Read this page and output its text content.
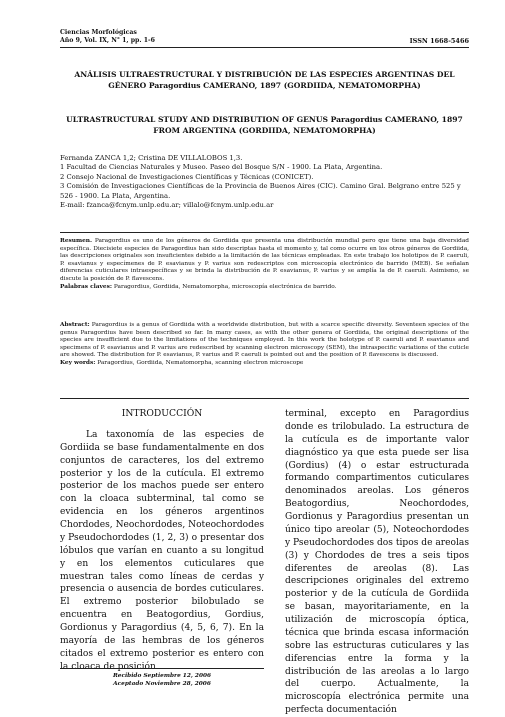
Ciencias Morfológicas
Año 9, Vol. IX, N° 1, pp. 1-6	ISSN 1668-5466
ANÁLISIS ULTRAESTRUCTURAL Y DISTRIBUCIÓN DE LAS ESPECIES ARGENTINAS DEL GÉNERO Paragordius CAMERANO, 1897 (GORDIIDA, NEMATOMORPHA)
ULTRASTRUCTURAL STUDY AND DISTRIBUTION OF GENUS Paragordius CAMERANO, 1897 FROM ARGENTINA (GORDIIDA, NEMATOMORPHA)
Fernanda ZANCA 1,2; Cristina DE VILLALOBOS 1,3.
1 Facultad de Ciencias Naturales y Museo. Paseo del Bosque S/N - 1900. La Plata, Argentina.
2 Consejo Nacional de Investigaciones Científicas y Técnicas (CONICET).
3 Comisión de Investigaciones Científicas de la Provincia de Buenos Aires (CIC). Camino Gral. Belgrano entre 525 y 526 - 1900. La Plata, Argentina.
E-mail: fzanca@fcnym.unlp.edu.ar; villalo@fcnym.unlp.edu.ar
Resumen. Paragordius es uno de los géneros de Gordiida que presenta una distribución mundial pero que tiene una baja diversidad específica. Diecisiete especies de Paragordius han sido descriptas hasta el momento y, tal como ocurre en los otros géneros de Gordiida, las descripciones originales son insuficientes debido a la limitación de las técnicas empleadas. En este trabajo los holotipos de P. caeruli, P. esavianus y especímenes de P. esavianus y P. varius son redescriptos con microscopía electrónico de barrido (MEB). Se señalan diferencias cuticulares intraespecíficas y se brinda la distribución de P. esavianus, P. varius y se amplía la de P. caeruli. Asimismo, se discute la posición de P. flavescens.
Palabras claves: Paragordius, Gordiida, Nematomorpha, microscopía electrónica de barrido.
Abstract: Paragordius is a genus of Gordiida with a worldwide distribution, but with a scarce specific diversity. Seventeen species of the genus Paragordius have been described so far. In many cases, as with the other genera of Gordiida, the original descriptions of the species are insufficient due to the limitations of the techniques employed. In this work the holotype of P. caeruli and P. esavianus and specimens of P. esavianus and P. varius are redescribed by scanning electron microscopy (SEM), the intraspecific variations of the cuticle are showed. The distribution for P. esavianus, P. varius and P. caeruli is pointed out and the position of P. flavescens is discussed.
Key words: Paragordius, Gordiida, Nematomorpha, scanning electron microscope
INTRODUCCIÓN

La taxonomía de las especies de Gordiida se base fundamentalmente en dos conjuntos de caracteres, los del extremo posterior y los de la cutícula. El extremo posterior de los machos puede ser entero con la cloaca subterminal, tal como se evidencia en los géneros argentinos Chordodes, Neochordodes, Noteochordodes y Pseudochordodes (1, 2, 3) o presentar dos lóbulos que varían en cuanto a su longitud y en los elementos cuticulares que muestran tales como líneas de cerdas y presencia o ausencia de bordes cuticulares. El extremo posterior bilobulado se encuentra en Beatogordius, Gordius, Gordionus y Paragordius (4, 5, 6, 7). En la mayoría de las hembras de los géneros citados el extremo posterior es entero con la cloaca de posición

terminal, excepto en Paragordius donde es trilobulado. La estructura de la cutícula es de importante valor diagnóstico ya que esta puede ser lisa (Gordius) (4) o estar estructurada formando compartimentos cuticulares denominados areolas. Los géneros Beatogordius, Neochordodes, Gordionus y Paragordius presentan un único tipo areolar (5), Noteochordodes y Pseudochordodes dos tipos de areolas (3) y Chordodes de tres a seis tipos diferentes de areolas (8). Las descripciones originales del extremo posterior y de la cutícula de Gordiida se basan, mayoritariamente, en la utilización de microscopía óptica, técnica que brinda escasa información sobre las estructuras cuticulares y las diferencias entre la forma y la distribución de las areolas a lo largo del cuerpo. Actualmente, la microscopía electrónica permite una perfecta documentación

Recibido Septiembre 12, 2006
Aceptado Noviembre 28, 2006
